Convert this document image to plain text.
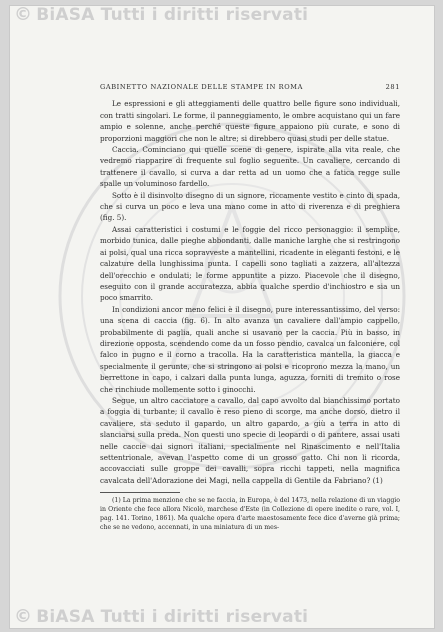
© BiASA Tutti i diritti riservati
GABINETTO NAZIONALE DELLE STAMPE IN ROMA	281

Le espressioni e gli atteggiamenti delle quattro belle figure sono individuali, con tratti singolari. Le forme, il panneggiamento, le ombre acquistano qui un fare ampio e solenne, anche perché queste figure appaiono più curate, e sono di proporzioni maggiori che non le altre; si direbbero quasi studi per delle statue.

Caccia. Cominciano qui quelle scene di genere, ispirate alla vita reale, che vedremo riapparire di frequente sul foglio seguente. Un cavaliere, cercando di trattenere il cavallo, si curva a dar retta ad un uomo che a fatica regge sulle spalle un voluminoso fardello.

Sotto è il disinvolto disegno di un signore, riccamente vestito e cinto di spada, che si curva un poco e leva una mano come in atto di riverenza e di preghiera (fig. 5).

Assai caratteristici i costumi e le foggie del ricco personaggio: il semplice, morbido tunica, dalle pieghe abbondanti, dalle maniche larghe che si restringono ai polsi, qual una ricca sopravveste a mantellini, ricadente in eleganti festoni, e le calzature della lunghissima punta. I capelli sono tagliati a zazzera, all'altezza dell'orecchio e ondulati; le forme appuntite a pizzo. Piacevole che il disegno, eseguito con il grande accuratezza, abbia qualche sperdio d'inchiostro e sia un poco smarrito.

In condizioni ancor meno felici è il disegno, pure interessantissimo, del verso: una scena di caccia (fig. 6). In alto avanza un cavaliere dall'ampio cappello, probabilmente di paglia, quali anche si usavano per la caccia. Più in basso, in direzione opposta, scendendo come da un fosso pendio, cavalca un falconiere, col falco in pugno e il corno a tracolla. Ha la caratteristica mantella, la giacca e specialmente il gerunte, che si stringono ai polsi e ricoprono mezza la mano, un berrettone in capo, i calzari dalla punta lunga, aguzza, forniti di tremito o rose che rinchiude mollemente sotto i ginocchi.

Segue, un altro cacciatore a cavallo, dal capo avvolto dal bianchissimo portato a foggia di turbante; il cavallo è reso pieno di scorge, ma anche dorso, dietro il cavaliere, sta seduto il gapardo, un altro gapardo, a giù a terra in atto di slanciarsi sulla preda. Non questi uno specie di leopardi o di pantere, assai usati nelle caccie dai signori italiani, specialmente nel Rinascimento e nell'Italia settentrionale, avevan l'aspetto come di un grosso gatto. Chi non li ricorda, accovacciati sulle groppe dei cavalli, sopra ricchi tappeti, nella magnifica cavalcata dell'Adorazione dei Magi, nella cappella di Gentile da Fabriano? (1)

(1) La prima menzione che se ne faccia, in Europa, è del 1473, nella relazione di un viaggio in Oriente che fece allora Nicolò, marchese d'Este (in Collezione di opere inedite o rare, vol. I, pag. 141. Torino, 1861). Ma qualche opera d'arte maestosamente fece dice d'averne già prima; che se ne vedono, accennati, in una miniatura di un mes-

© BiASA Tutti i diritti riservati
